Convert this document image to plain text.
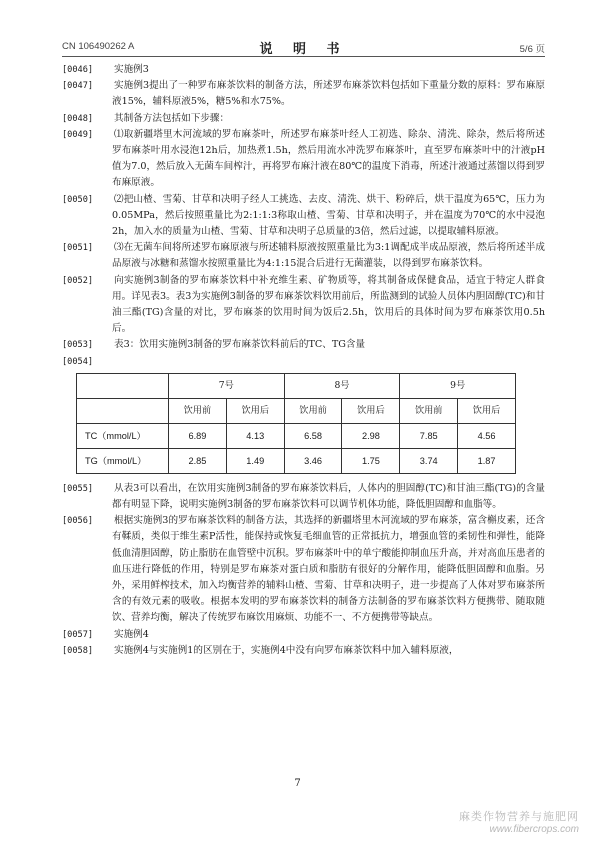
CN 106490262 A	说 明 书	5/6 页
[0046] 实施例3
[0047] 实施例3提出了一种罗布麻茶饮料的制备方法，所述罗布麻茶饮料包括如下重量分数的原料：罗布麻原液15%，辅料原液5%，糖5%和水75%。
[0048] 其制备方法包括如下步骤：
[0049] ⑴取新疆塔里木河流域的罗布麻茶叶，所述罗布麻茶叶经人工初选、除杂、清洗、除杂，然后将所述罗布麻茶叶用水浸泡12h后，加热煮1.5h，然后用流水冲洗罗布麻茶叶，直至罗布麻茶叶中的汁液pH值为7.0，然后放入无菌车间榨汁，再将罗布麻汁液在80℃的温度下消毒，所述汁液通过蒸馏以得到罗布麻原液。
[0050] ⑵把山楂、雪菊、甘草和决明子经人工挑选、去皮、清洗、烘干、粉碎后，烘干温度为65℃，压力为0.05MPa，然后按照重量比为2:1:1:3称取山楂、雪菊、甘草和决明子，并在温度为70℃的水中浸泡2h，加入水的质量为山楂、雪菊、甘草和决明子总质量的3倍，然后过滤，以提取辅料原液。
[0051] ⑶在无菌车间将所述罗布麻原液与所述辅料原液按照重量比为3:1调配成半成品原液，然后将所述半成品原液与冰糖和蒸馏水按照重量比为4:1:15混合后进行无菌灌装，以得到罗布麻茶饮料。
[0052] 向实施例3制备的罗布麻茶饮料中补充维生素、矿物质等，将其制备成保健食品，适宜于特定人群食用。详见表3。表3为实施例3制备的罗布麻茶饮料饮用前后，所监测到的试验人员体内胆固醇(TC)和甘油三酯(TG)含量的对比，罗布麻茶的饮用时间为饭后2.5h，饮用后的具体时间为罗布麻茶饮用0.5h后。
[0053] 表3：饮用实施例3制备的罗布麻茶饮料前后的TC、TG含量
[0054]

	7号		8号		9号	
	饮用前	饮用后	饮用前	饮用后	饮用前	饮用后
TC（mmol/L）	6.89	4.13	6.58	2.98	7.85	4.56
TG（mmol/L）	2.85	1.49	3.46	1.75	3.74	1.87
[0055] 从表3可以看出，在饮用实施例3制备的罗布麻茶饮料后，人体内的胆固醇(TC)和甘油三酯(TG)的含量都有明显下降，说明实施例3制备的罗布麻茶饮料可以调节机体功能，降低胆固醇和血脂等。
[0056] 根据实施例3的罗布麻茶饮料的制备方法，其选择的新疆塔里木河流域的罗布麻茶，富含槲皮素，还含有鞣质，类似于维生素P活性，能保持或恢复毛细血管的正常抵抗力，增强血管的柔韧性和弹性，能降低血清胆固醇，防止脂肪在血管壁中沉积。罗布麻茶叶中的单宁酸能抑制血压升高，并对高血压患者的血压进行降低的作用，特别是罗布麻茶对蛋白质和脂肪有很好的分解作用，能降低胆固醇和血脂。另外，采用鲜榨技术，加入均衡营养的辅料山楂、雪菊、甘草和决明子，进一步提高了人体对罗布麻茶所含的有效元素的吸收。根据本发明的罗布麻茶饮料的制备方法制备的罗布麻茶饮料方便携带、随取随饮、营养均衡，解决了传统罗布麻饮用麻烦、功能不一、不方便携带等缺点。
[0057] 实施例4
[0058] 实施例4与实施例1的区别在于，实施例4中没有向罗布麻茶饮料中加入辅料原液，
7
麻类作物营养与施肥网
www.fibercrops.com
